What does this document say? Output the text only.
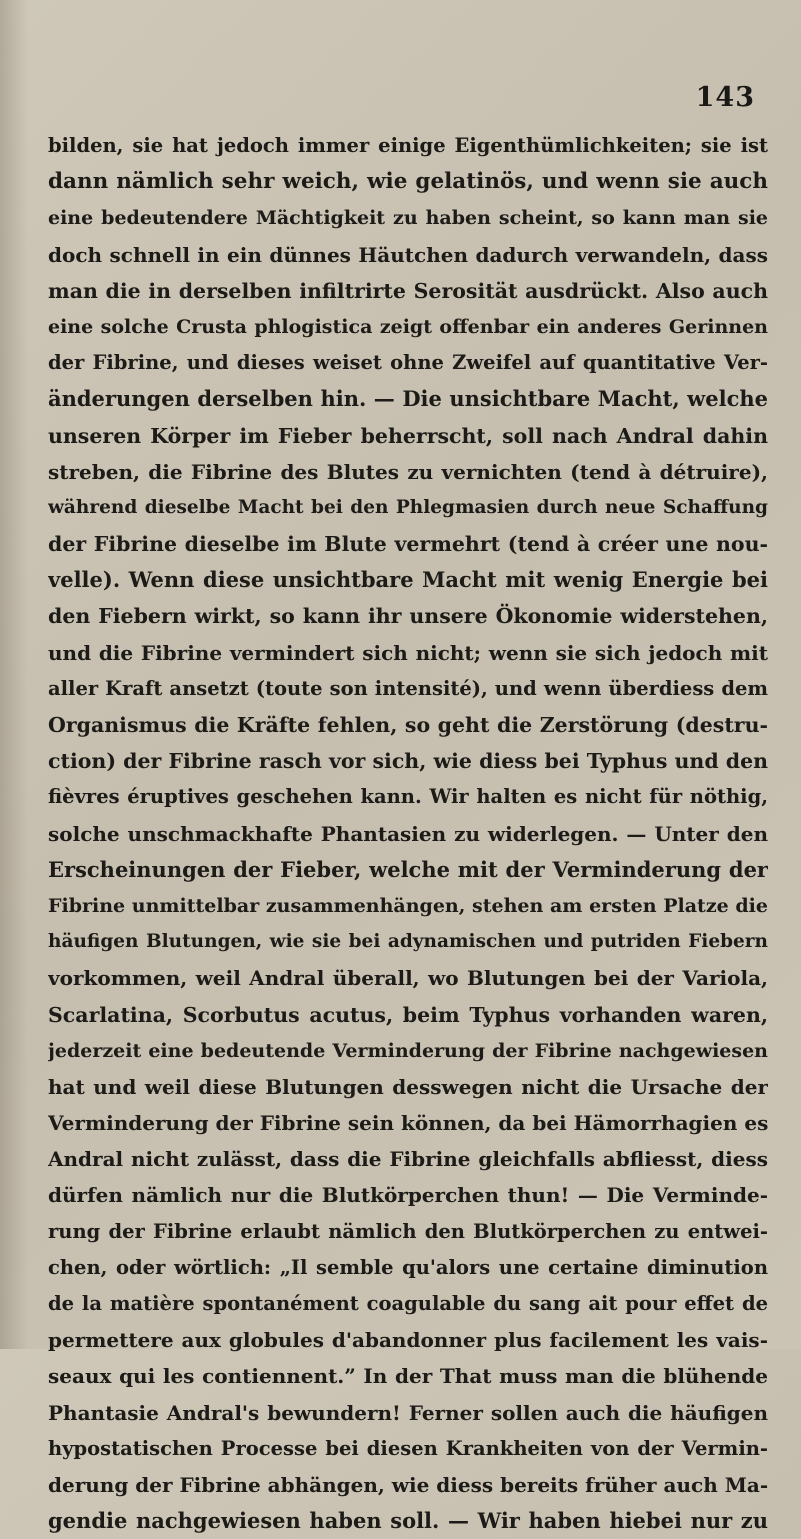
143
bilden, sie hat jedoch immer einige Eigenthümlichkeiten; sie ist
dann nämlich sehr weich, wie gelatinös, und wenn sie auch
eine bedeutendere Mächtigkeit zu haben scheint, so kann man sie
doch schnell in ein dünnes Häutchen dadurch verwandeln, dass
man die in derselben infiltrirte Serosität ausdrückt. Also auch
eine solche Crusta phlogistica zeigt offenbar ein anderes Gerinnen
der Fibrine, und dieses weiset ohne Zweifel auf quantitative Ver-
änderungen derselben hin. — Die unsichtbare Macht, welche
unseren Körper im Fieber beherrscht, soll nach Andral dahin
streben, die Fibrine des Blutes zu vernichten (tend à détruire),
während dieselbe Macht bei den Phlegmasien durch neue Schaffung
der Fibrine dieselbe im Blute vermehrt (tend à créer une nou-
velle). Wenn diese unsichtbare Macht mit wenig Energie bei
den Fiebern wirkt, so kann ihr unsere Ökonomie widerstehen,
und die Fibrine vermindert sich nicht; wenn sie sich jedoch mit
aller Kraft ansetzt (toute son intensité), und wenn überdiess dem
Organismus die Kräfte fehlen, so geht die Zerstörung (destru-
ction) der Fibrine rasch vor sich, wie diess bei Typhus und den
fièvres éruptives geschehen kann. Wir halten es nicht für nöthig,
solche unschmackhafte Phantasien zu widerlegen. — Unter den
Erscheinungen der Fieber, welche mit der Verminderung der
Fibrine unmittelbar zusammenhängen, stehen am ersten Platze die
häufigen Blutungen, wie sie bei adynamischen und putriden Fiebern
vorkommen, weil Andral überall, wo Blutungen bei der Variola,
Scarlatina, Scorbutus acutus, beim Typhus vorhanden waren,
jederzeit eine bedeutende Verminderung der Fibrine nachgewiesen
hat und weil diese Blutungen desswegen nicht die Ursache der
Verminderung der Fibrine sein können, da bei Hämorrhagien es
Andral nicht zulässt, dass die Fibrine gleichfalls abfliesst, diess
dürfen nämlich nur die Blutkörperchen thun! — Die Verminde-
rung der Fibrine erlaubt nämlich den Blutkörperchen zu entwei-
chen, oder wörtlich: „Il semble qu'alors une certaine diminution
de la matière spontanément coagulable du sang ait pour effet de
permettere aux globules d'abandonner plus facilement les vais-
seaux qui les contiennent.” In der That muss man die blühende
Phantasie Andral's bewundern! Ferner sollen auch die häufigen
hypostatischen Processe bei diesen Krankheiten von der Vermin-
derung der Fibrine abhängen, wie diess bereits früher auch Ma-
gendie nachgewiesen haben soll. — Wir haben hiebei nur zu
